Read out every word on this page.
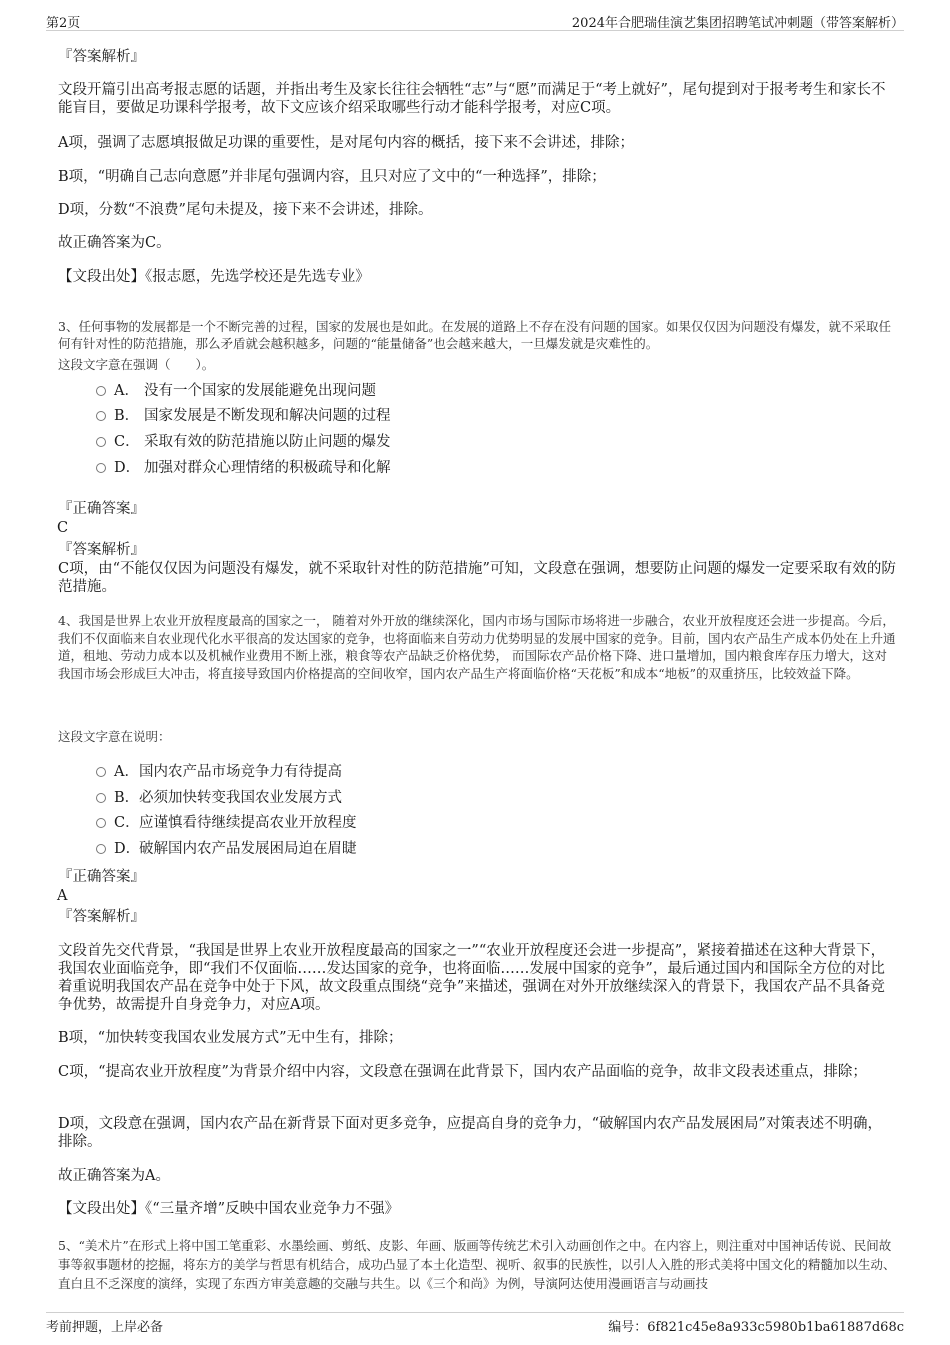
第2页	2024年合肥瑞佳演艺集团招聘笔试冲刺题（带答案解析）

『答案解析』

文段开篇引出高考报志愿的话题，并指出考生及家长往往会牺牲“志”与“愿”而满足于“考上就好”，尾句提到对于报考考生和家长不能盲目，要做足功课科学报考，故下文应该介绍采取哪些行动才能科学报考，对应C项。

A项，强调了志愿填报做足功课的重要性，是对尾句内容的概括，接下来不会讲述，排除；

B项，“明确自己志向意愿”并非尾句强调内容，且只对应了文中的“一种选择”，排除；

D项，分数“不浪费”尾句未提及，接下来不会讲述，排除。

故正确答案为C。

【文段出处】《报志愿，先选学校还是先选专业》

3、任何事物的发展都是一个不断完善的过程，国家的发展也是如此。在发展的道路上不存在没有问题的国家。如果仅仅因为问题没有爆发，就不采取任何有针对性的防范措施，那么矛盾就会越积越多，问题的“能量储备”也会越来越大，一旦爆发就是灾难性的。

这段文字意在强调（　　）。

A． 没有一个国家的发展能避免出现问题
B． 国家发展是不断发现和解决问题的过程
C． 采取有效的防范措施以防止问题的爆发
D． 加强对群众心理情绪的积极疏导和化解

『正确答案』

C

『答案解析』

C项，由“不能仅仅因为问题没有爆发，就不采取针对性的防范措施”可知，文段意在强调，想要防止问题的爆发一定要采取有效的防范措施。

4、我国是世界上农业开放程度最高的国家之一， 随着对外开放的继续深化，国内市场与国际市场将进一步融合，农业开放程度还会进一步提高。今后，我们不仅面临来自农业现代化水平很高的发达国家的竞争，也将面临来自劳动力优势明显的发展中国家的竞争。目前，国内农产品生产成本仍处在上升通道，租地、劳动力成本以及机械作业费用不断上涨，粮食等农产品缺乏价格优势， 而国际农产品价格下降、进口量增加，国内粮食库存压力增大，这对我国市场会形成巨大冲击，将直接导致国内价格提高的空间收窄，国内农产品生产将面临价格“天花板”和成本“地板”的双重挤压，比较效益下降。

这段文字意在说明：

A．国内农产品市场竞争力有待提高
B．必须加快转变我国农业发展方式
C．应谨慎看待继续提高农业开放程度
D．破解国内农产品发展困局迫在眉睫

『正确答案』

A

『答案解析』

文段首先交代背景，“我国是世界上农业开放程度最高的国家之一”“农业开放程度还会进一步提高”，紧接着描述在这种大背景下，我国农业面临竞争，即“我们不仅面临……发达国家的竞争，也将面临……发展中国家的竞争”，最后通过国内和国际全方位的对比着重说明我国农产品在竞争中处于下风，故文段重点围绕“竞争”来描述，强调在对外开放继续深入的背景下，我国农产品不具备竞争优势，故需提升自身竞争力，对应A项。

B项，“加快转变我国农业发展方式”无中生有，排除；

C项，“提高农业开放程度”为背景介绍中内容，文段意在强调在此背景下，国内农产品面临的竞争，故非文段表述重点，排除；

D项，文段意在强调，国内农产品在新背景下面对更多竞争，应提高自身的竞争力，“破解国内农产品发展困局”对策表述不明确，排除。

故正确答案为A。

【文段出处】《“三量齐增”反映中国农业竞争力不强》

5、“美术片”在形式上将中国工笔重彩、水墨绘画、剪纸、皮影、年画、版画等传统艺术引入动画创作之中。在内容上，则注重对中国神话传说、民间故事等叙事题材的挖掘，将东方的美学与哲思有机结合，成功凸显了本土化造型、视听、叙事的民族性，以引人入胜的形式美将中国文化的精髓加以生动、直白且不乏深度的演绎，实现了东西方审美意趣的交融与共生。以《三个和尚》为例，导演阿达使用漫画语言与动画技

考前押题，上岸必备	编号：6f821c45e8a933c5980b1ba61887d68c
